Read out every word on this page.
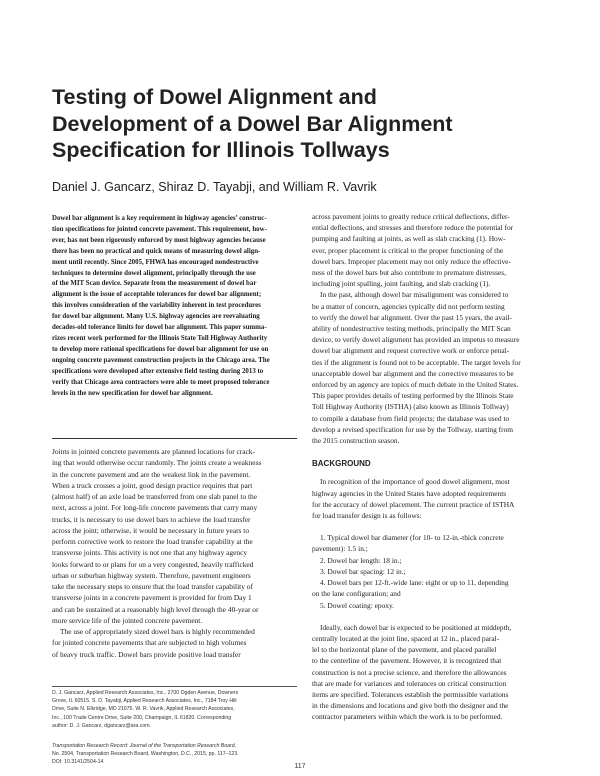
Testing of Dowel Alignment and
Development of a Dowel Bar Alignment
Specification for Illinois Tollways
Daniel J. Gancarz, Shiraz D. Tayabji, and William R. Vavrik
Dowel bar alignment is a key requirement in highway agencies’ construc-
tion specifications for jointed concrete pavement. This requirement, how-
ever, has not been rigorously enforced by most highway agencies because
there has been no practical and quick means of measuring dowel align-
ment until recently. Since 2005, FHWA has encouraged nondestructive
techniques to determine dowel alignment, principally through the use
of the MIT Scan device. Separate from the measurement of dowel bar
alignment is the issue of acceptable tolerances for dowel bar alignment;
this involves consideration of the variability inherent in test procedures
for dowel bar alignment. Many U.S. highway agencies are reevaluating
decades-old tolerance limits for dowel bar alignment. This paper summa-
rizes recent work performed for the Illinois State Toll Highway Authority
to develop more rational specifications for dowel bar alignment for use on
ongoing concrete pavement construction projects in the Chicago area. The
specifications were developed after extensive field testing during 2013 to
verify that Chicago area contractors were able to meet proposed tolerance
levels in the new specification for dowel bar alignment.
Joints in jointed concrete pavements are planned locations for crack-
ing that would otherwise occur randomly. The joints create a weakness
in the concrete pavement and are the weakest link in the pavement.
When a truck crosses a joint, good design practice requires that part
(almost half) of an axle load be transferred from one slab panel to the
next, across a joint. For long-life concrete pavements that carry many
trucks, it is necessary to use dowel bars to achieve the load transfer
across the joint; otherwise, it would be necessary in future years to
perform corrective work to restore the load transfer capability at the
transverse joints. This activity is not one that any highway agency
looks forward to or plans for on a very congested, heavily trafficked
urban or suburban highway system. Therefore, pavement engineers
take the necessary steps to ensure that the load transfer capability of
transverse joints in a concrete pavement is provided for from Day 1
and can be sustained at a reasonably high level through the 40-year or
more service life of the jointed concrete pavement.
The use of appropriately sized dowel bars is highly recommended
for jointed concrete pavements that are subjected to high volumes
of heavy truck traffic. Dowel bars provide positive load transfer
D. J. Gancarz, Applied Research Associates, Inc., 2700 Ogden Avenue, Downers
Grove, IL 60515. S. D. Tayabji, Applied Research Associates, Inc., 7184 Troy Hill
Drive, Suite N, Elkridge, MD 21075. W. R. Vavrik, Applied Research Associates,
Inc., 100 Trade Centre Drive, Suite 200, Champaign, IL 61820. Corresponding
author: D. J. Gancarz, dgancarz@ara.com.
Transportation Research Record: Journal of the Transportation Research Board,
No. 2504, Transportation Research Board, Washington, D.C., 2015, pp. 117–123.
DOI: 10.3141/2504-14
across pavement joints to greatly reduce critical deflections, differ-
ential deflections, and stresses and therefore reduce the potential for
pumping and faulting at joints, as well as slab cracking (1). How-
ever, proper placement is critical to the proper functioning of the
dowel bars. Improper placement may not only reduce the effective-
ness of the dowel bars but also contribute to premature distresses,
including joint spalling, joint faulting, and slab cracking (1).
In the past, although dowel bar misalignment was considered to
be a matter of concern, agencies typically did not perform testing
to verify the dowel bar alignment. Over the past 15 years, the avail-
ability of nondestructive testing methods, principally the MIT Scan
device, to verify dowel alignment has provided an impetus to measure
dowel bar alignment and request corrective work or enforce penal-
ties if the alignment is found not to be acceptable. The target levels for
unacceptable dowel bar alignment and the corrective measures to be
enforced by an agency are topics of much debate in the United States.
This paper provides details of testing performed by the Illinois State
Toll Highway Authority (ISTHA) (also known as Illinois Tollway)
to compile a database from field projects; the database was used to
develop a revised specification for use by the Tollway, starting from
the 2015 construction season.
BACKGROUND
In recognition of the importance of good dowel alignment, most
highway agencies in the United States have adopted requirements
for the accuracy of dowel placement. The current practice of ISTHA
for load transfer design is as follows:
1. Typical dowel bar diameter (for 10- to 12-in.-thick concrete
pavement): 1.5 in.;
2. Dowel bar length: 18 in.;
3. Dowel bar spacing: 12 in.;
4. Dowel bars per 12-ft.-wide lane: eight or up to 11, depending
on the lane configuration; and
5. Dowel coating: epoxy.
Ideally, each dowel bar is expected to be positioned at middepth,
centrally located at the joint line, spaced at 12 in., placed paral-
lel to the horizontal plane of the pavement, and placed parallel
to the centerline of the pavement. However, it is recognized that
construction is not a precise science, and therefore the allowances
that are made for variances and tolerances on critical construction
items are specified. Tolerances establish the permissible variations
in the dimensions and locations and give both the designer and the
contractor parameters within which the work is to be performed.
117
